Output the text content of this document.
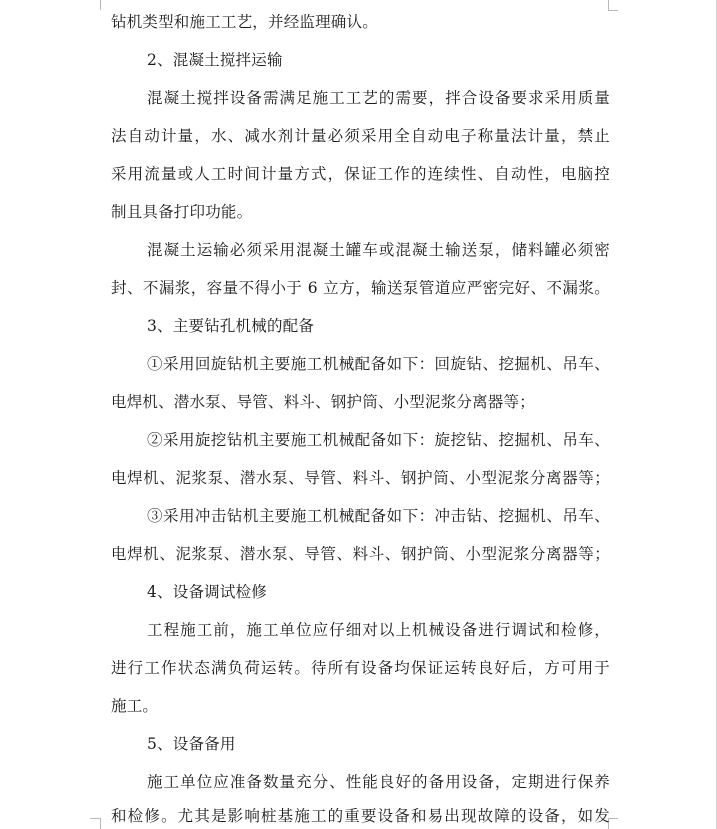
钻机类型和施工工艺，并经监理确认。
2、混凝土搅拌运输
混凝土搅拌设备需满足施工工艺的需要，拌合设备要求采用质量
法自动计量，水、减水剂计量必须采用全自动电子称量法计量，禁止
采用流量或人工时间计量方式，保证工作的连续性、自动性，电脑控
制且具备打印功能。
混凝土运输必须采用混凝土罐车或混凝土输送泵，储料罐必须密
封、不漏浆，容量不得小于 6 立方，输送泵管道应严密完好、不漏浆。
3、主要钻孔机械的配备
①采用回旋钻机主要施工机械配备如下：回旋钻、挖掘机、吊车、
电焊机、潜水泵、导管、料斗、钢护筒、小型泥浆分离器等；
②采用旋挖钻机主要施工机械配备如下：旋挖钻、挖掘机、吊车、
电焊机、泥浆泵、潜水泵、导管、料斗、钢护筒、小型泥浆分离器等；
③采用冲击钻机主要施工机械配备如下：冲击钻、挖掘机、吊车、
电焊机、泥浆泵、潜水泵、导管、料斗、钢护筒、小型泥浆分离器等；
4、设备调试检修
工程施工前，施工单位应仔细对以上机械设备进行调试和检修，
进行工作状态满负荷运转。待所有设备均保证运转良好后，方可用于
施工。
5、设备备用
施工单位应准备数量充分、性能良好的备用设备，定期进行保养
和检修。尤其是影响桩基施工的重要设备和易出现故障的设备，如发
